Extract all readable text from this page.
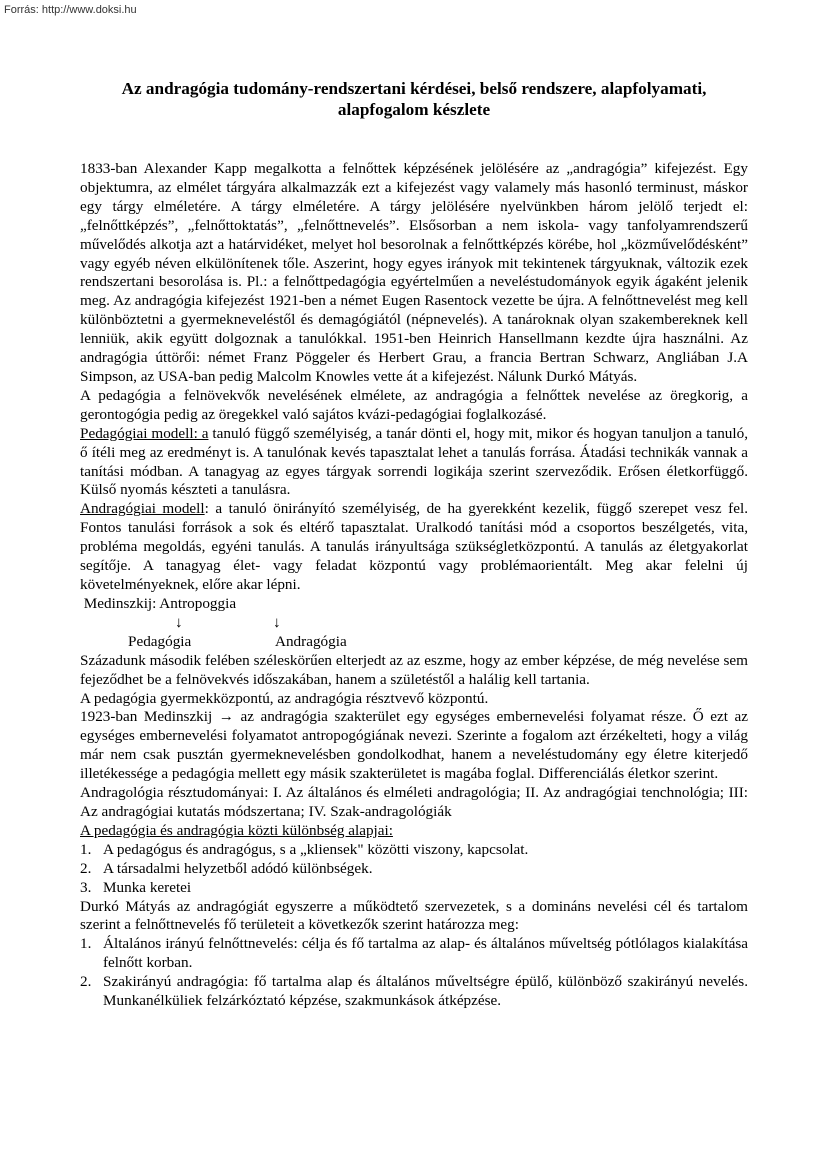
Forrás: http://www.doksi.hu
Az andragógia tudomány-rendszertani kérdései, belső rendszere, alapfolyamati,
alapfogalom készlete

1833-ban Alexander Kapp megalkotta a felnőttek képzésének jelölésére az „andragógia” kifejezést. Egy objektumra, az elmélet tárgyára alkalmazzák ezt a kifejezést vagy valamely más hasonló terminust, máskor egy tárgy elméletére. A tárgy elméletére. A tárgy jelölésére nyelvünkben három jelölő terjedt el: „felnőttképzés”, „felnőttoktatás”, „felnőttnevelés”. Elsősorban a nem iskola- vagy tanfolyamrendszerű művelődés alkotja azt a határvidéket, melyet hol besorolnak a felnőttképzés körébe, hol „közművelődésként” vagy egyéb néven elkülönítenek tőle. Aszerint, hogy egyes irányok mit tekintenek tárgyuknak, változik ezek rendszertani besorolása is. Pl.: a felnőttpedagógia egyértelműen a neveléstudományok egyik ágaként jelenik meg. Az andragógia kifejezést 1921-ben a német Eugen Rasentock vezette be újra. A felnőttnevelést meg kell különböztetni a gyermekneveléstől és demagógiától (népnevelés). A tanároknak olyan szakembereknek kell lenniük, akik együtt dolgoznak a tanulókkal. 1951-ben Heinrich Hansellmann kezdte újra használni. Az andragógia úttörői: német Franz Pöggeler és Herbert Grau, a francia Bertran Schwarz, Angliában J.A Simpson, az USA-ban pedig Malcolm Knowles vette át a kifejezést. Nálunk Durkó Mátyás.

A pedagógia a felnövekvők nevelésének elmélete, az andragógia a felnőttek nevelése az öregkorig, a gerontogógia pedig az öregekkel való sajátos kvázi-pedagógiai foglalkozásé.

Pedagógiai modell: a tanuló függő személyiség, a tanár dönti el, hogy mit, mikor és hogyan tanuljon a tanuló, ő ítéli meg az eredményt is. A tanulónak kevés tapasztalat lehet a tanulás forrása. Átadási technikák vannak a tanítási módban. A tanagyag az egyes tárgyak sorrendi logikája szerint szerveződik. Erősen életkorfüggő. Külső nyomás készteti a tanulásra.

Andragógiai modell: a tanuló önirányító személyiség, de ha gyerekként kezelik, függő szerepet vesz fel. Fontos tanulási források a sok és eltérő tapasztalat. Uralkodó tanítási mód a csoportos beszélgetés, vita, probléma megoldás, egyéni tanulás. A tanulás irányultsága szükségletközpontú. A tanulás az életgyakorlat segítője. A tanagyag élet- vagy feladat központú vagy problémaorientált. Meg akar felelni új követelményeknek, előre akar lépni.

Medinszkij: Antropoggia
↓	↓
Pedagógia	Andragógia

Századunk második felében széleskörűen elterjedt az az eszme, hogy az ember képzése, de még nevelése sem fejeződhet be a felnövekvés időszakában, hanem a születéstől a halálig kell tartania.

A pedagógia gyermekközpontú, az andragógia résztvevő központú.

1923-ban Medinszkij → az andragógia szakterület egy egységes embernevelési folyamat része. Ő ezt az egységes embernevelési folyamatot antropogógiának nevezi. Szerinte a fogalom azt érzékelteti, hogy a világ már nem csak pusztán gyermeknevelésben gondolkodhat, hanem a neveléstudomány egy életre kiterjedő illetékessége a pedagógia mellett egy másik szakterületet is magába foglal. Differenciálás életkor szerint.

Andragológia résztudományai: I. Az általános és elméleti andragológia; II. Az andragógiai tenchnológia; III: Az andragógiai kutatás módszertana; IV. Szak-andragológiák

A pedagógia és andragógia közti különbség alapjai:
1. A pedagógus és andragógus, s a „kliensek" közötti viszony, kapcsolat.
2. A társadalmi helyzetből adódó különbségek.
3. Munka keretei

Durkó Mátyás az andragógiát egyszerre a működtető szervezetek, s a domináns nevelési cél és tartalom szerint a felnőttnevelés fő területeit a következők szerint határozza meg:

1. Általános irányú felnőttnevelés: célja és fő tartalma az alap- és általános műveltség pótlólagos kialakítása felnőtt korban.
2. Szakirányú andragógia: fő tartalma alap és általános műveltségre épülő, különböző szakirányú nevelés. Munkanélküliek felzárkóztató képzése, szakmunkások átképzése.
